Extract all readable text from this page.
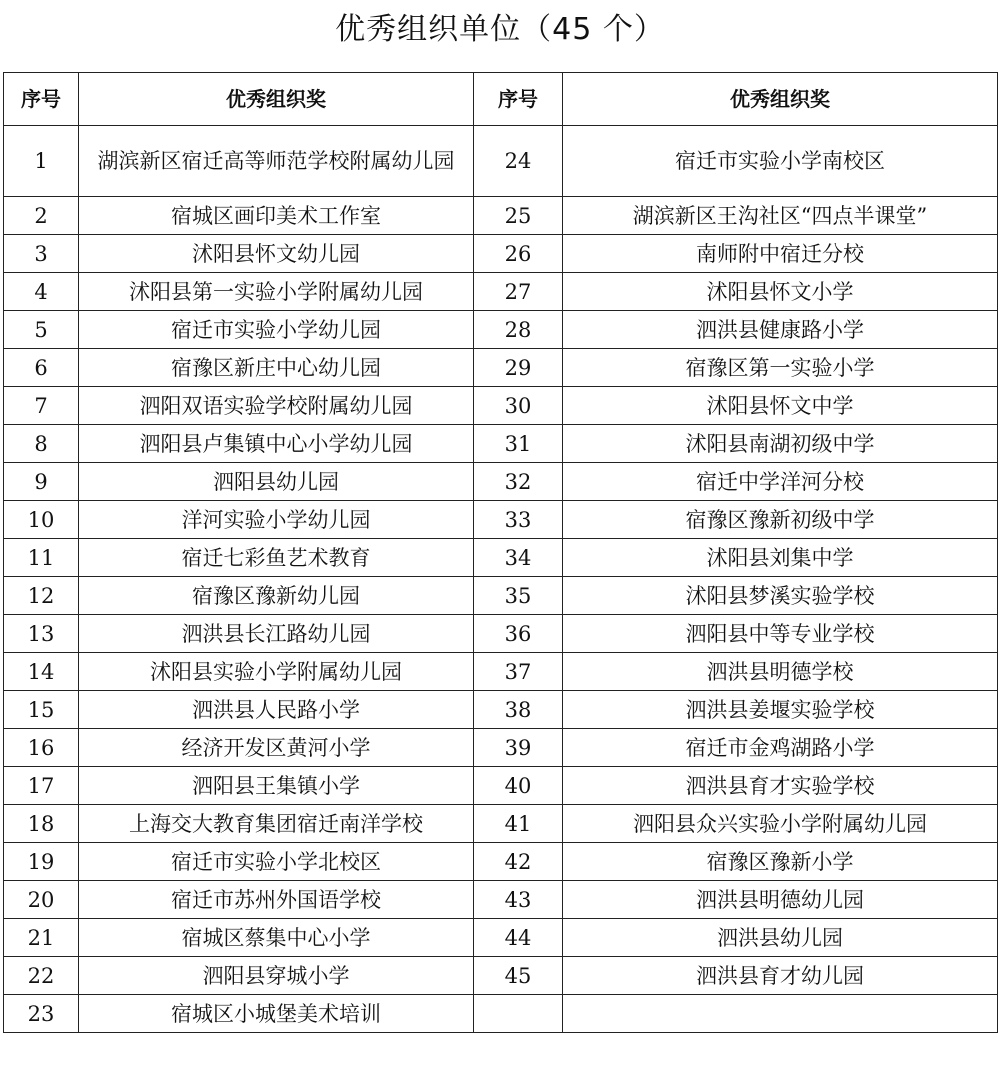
优秀组织单位（45 个）
序号	优秀组织奖	序号	优秀组织奖
1	湖滨新区宿迁高等师范学校附属幼儿园	24	宿迁市实验小学南校区
2	宿城区画印美术工作室	25	湖滨新区王沟社区“四点半课堂”
3	沭阳县怀文幼儿园	26	南师附中宿迁分校
4	沭阳县第一实验小学附属幼儿园	27	沭阳县怀文小学
5	宿迁市实验小学幼儿园	28	泗洪县健康路小学
6	宿豫区新庄中心幼儿园	29	宿豫区第一实验小学
7	泗阳双语实验学校附属幼儿园	30	沭阳县怀文中学
8	泗阳县卢集镇中心小学幼儿园	31	沭阳县南湖初级中学
9	泗阳县幼儿园	32	宿迁中学洋河分校
10	洋河实验小学幼儿园	33	宿豫区豫新初级中学
11	宿迁七彩鱼艺术教育	34	沭阳县刘集中学
12	宿豫区豫新幼儿园	35	沭阳县梦溪实验学校
13	泗洪县长江路幼儿园	36	泗阳县中等专业学校
14	沭阳县实验小学附属幼儿园	37	泗洪县明德学校
15	泗洪县人民路小学	38	泗洪县姜堰实验学校
16	经济开发区黄河小学	39	宿迁市金鸡湖路小学
17	泗阳县王集镇小学	40	泗洪县育才实验学校
18	上海交大教育集团宿迁南洋学校	41	泗阳县众兴实验小学附属幼儿园
19	宿迁市实验小学北校区	42	宿豫区豫新小学
20	宿迁市苏州外国语学校	43	泗洪县明德幼儿园
21	宿城区蔡集中心小学	44	泗洪县幼儿园
22	泗阳县穿城小学	45	泗洪县育才幼儿园
23	宿城区小城堡美术培训		
